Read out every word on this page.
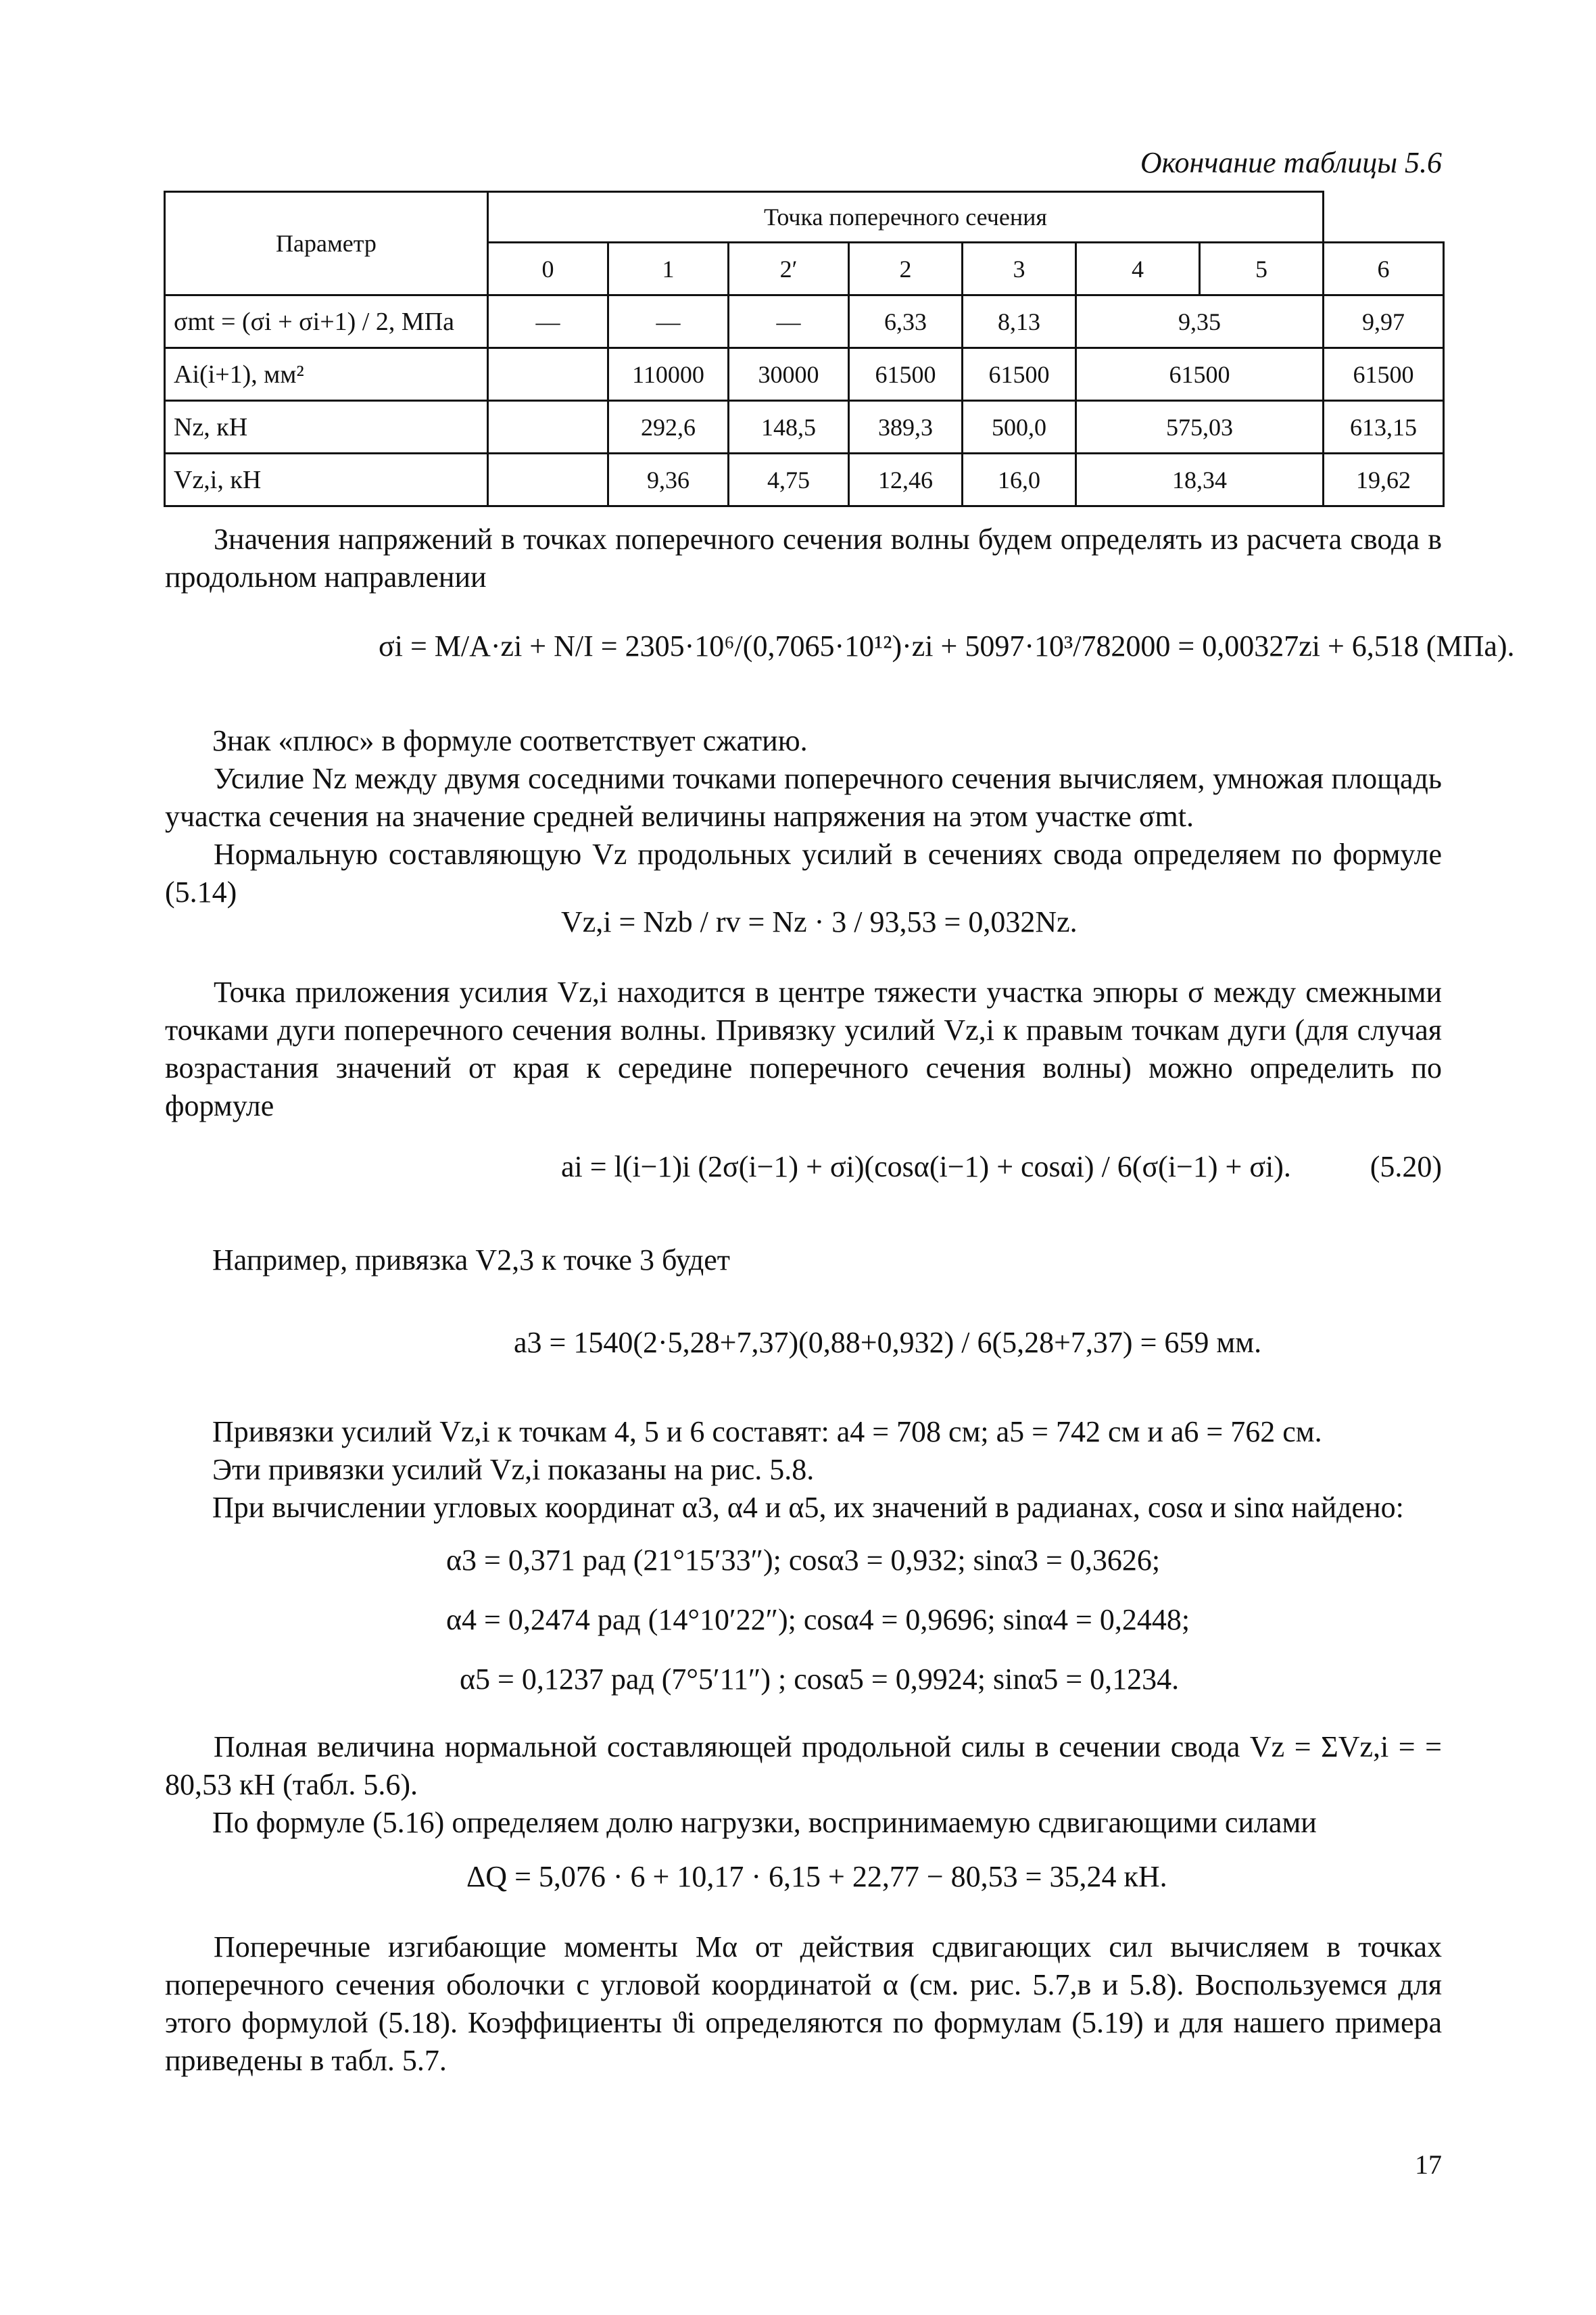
Окончание таблицы 5.6
Параметр	Точка поперечного сечения							
	0	1	2′	2	3	4	5	6
σmt = (σi + σi+1) / 2, МПа	—	—	—	6,33	8,13	9,35		9,97
Ai(i+1), мм²		110000	30000	61500	61500	61500		61500
Nz, кН		292,6	148,5	389,3	500,0	575,03		613,15
Vz,i, кН		9,36	4,75	12,46	16,0	18,34		19,62
Значения напряжений в точках поперечного сечения волны будем определять из расчета свода в продольном направлении
σi = M/A·zi + N/I = 2305·10⁶/(0,7065·10¹²)·zi + 5097·10³/782000 = 0,00327zi + 6,518 (МПа).
Знак «плюс» в формуле соответствует сжатию.
Усилие Nz между двумя соседними точками поперечного сечения вычисляем, умножая площадь участка сечения на значение средней величины напряжения на этом участке σmt.
Нормальную составляющую Vz продольных усилий в сечениях свода определяем по формуле (5.14)
Vz,i = Nzb / rv = Nz · 3 / 93,53 = 0,032Nz.
Точка приложения усилия Vz,i находится в центре тяжести участка эпюры σ между смежными точками дуги поперечного сечения волны. Привязку усилий Vz,i к правым точкам дуги (для случая возрастания значений от края к середине поперечного сечения волны) можно определить по формуле
ai = l(i−1)i (2σ(i−1) + σi)(cosα(i−1) + cosαi) / 6(σ(i−1) + σi).	(5.20)
Например, привязка V2,3 к точке 3 будет
a3 = 1540(2·5,28+7,37)(0,88+0,932) / 6(5,28+7,37) = 659 мм.
Привязки усилий Vz,i к точкам 4, 5 и 6 составят: a4 = 708 см; a5 = 742 см и a6 = 762 см.
Эти привязки усилий Vz,i показаны на рис. 5.8.
При вычислении угловых координат α3, α4 и α5, их значений в радианах, cosα и sinα найдено:
α3 = 0,371 рад (21°15′33″); cosα3 = 0,932; sinα3 = 0,3626;
α4 = 0,2474 рад (14°10′22″); cosα4 = 0,9696; sinα4 = 0,2448;
α5 = 0,1237 рад (7°5′11″) ; cosα5 = 0,9924; sinα5 = 0,1234.
Полная величина нормальной составляющей продольной силы в сечении свода Vz = ΣVz,i = = 80,53 кН (табл. 5.6).
По формуле (5.16) определяем долю нагрузки, воспринимаемую сдвигающими силами
ΔQ = 5,076 · 6 + 10,17 · 6,15 + 22,77 − 80,53 = 35,24 кН.
Поперечные изгибающие моменты Mα от действия сдвигающих сил вычисляем в точках поперечного сечения оболочки с угловой координатой α (см. рис. 5.7,в и 5.8). Воспользуемся для этого формулой (5.18). Коэффициенты ϑi определяются по формулам (5.19) и для нашего примера приведены в табл. 5.7.
17
